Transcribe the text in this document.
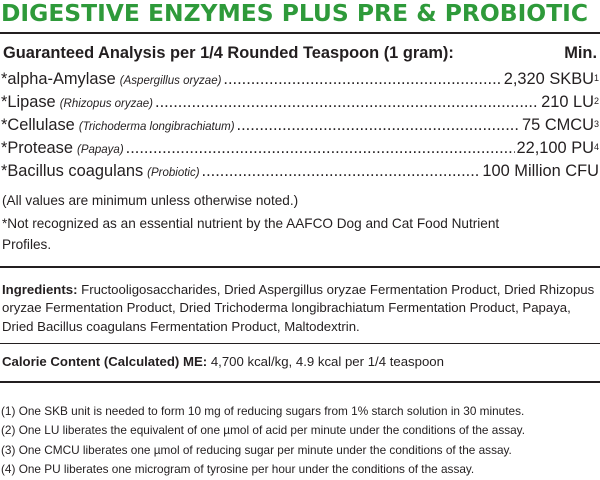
DIGESTIVE ENZYMES PLUS PRE & PROBIOTIC
Guaranteed Analysis per 1/4 Rounded Teaspoon (1 gram):	Min.
*alpha-Amylase (Aspergillus oryzae) .....	2,320 SKBU$^1$
*Lipase (Rhizopus oryzae) .....	210 $LU^2$
*Cellulase (Trichoderma longibrachiatum) .....	75 CMCU$^3$
*Protease (Papaya) .....	22,100 $PU^4$
*Bacillus coagulans (Probiotic) .....	100 Million CFU
(All values are minimum unless otherwise noted.)
*Not recognized as an essential nutrient by the AAFCO Dog and Cat Food Nutrient Profiles.
Ingredients: Fructooligosaccharides, Dried Aspergillus oryzae Fermentation Product, Dried Rhizopus oryzae Fermentation Product, Dried Trichoderma longibrachiatum Fermentation Product, Papaya, Dried Bacillus coagulans Fermentation Product, Maltodextrin.
Calorie Content (Calculated) ME: 4,700 kcal/kg, 4.9 kcal per 1/4 teaspoon
(1) One SKB unit is needed to form 10 mg of reducing sugars from 1% starch solution in 30 minutes.
(2) One LU liberates the equivalent of one µmol of acid per minute under the conditions of the assay.
(3) One CMCU liberates one µmol of reducing sugar per minute under the conditions of the assay.
(4) One PU liberates one microgram of tyrosine per hour under the conditions of the assay.
